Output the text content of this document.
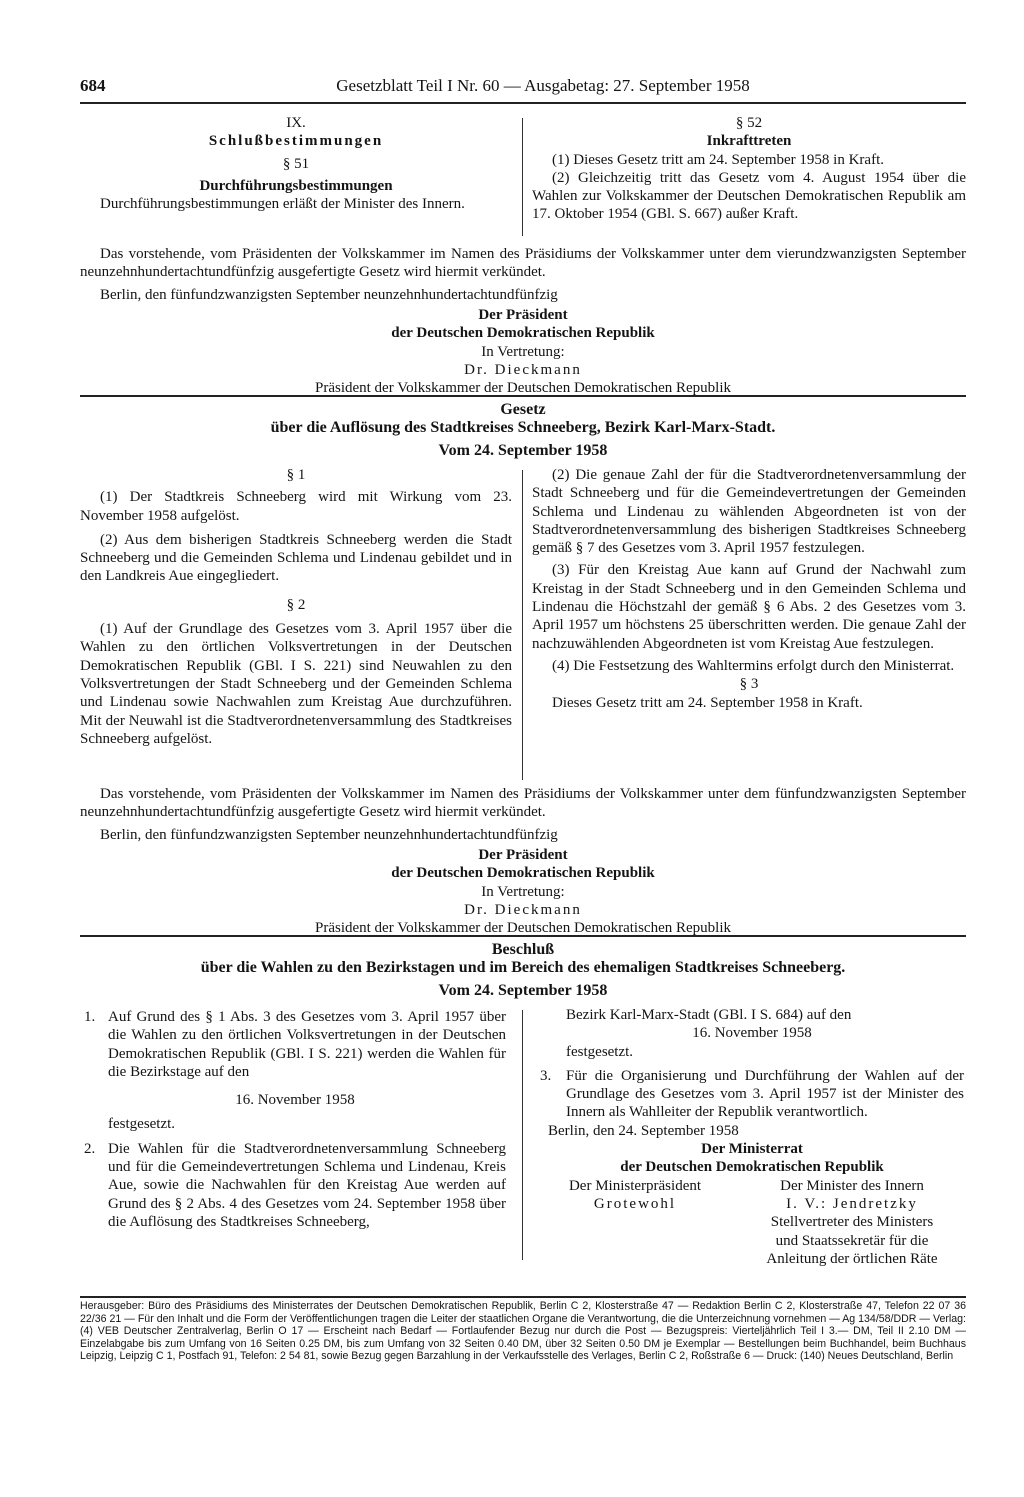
684	Gesetzblatt Teil I Nr. 60 — Ausgabetag: 27. September 1958

IX.

Schlußbestimmungen

§ 51

Durchführungsbestimmungen

Durchführungsbestimmungen erläßt der Minister des Innern.

§ 52

Inkrafttreten

(1) Dieses Gesetz tritt am 24. September 1958 in Kraft.

(2) Gleichzeitig tritt das Gesetz vom 4. August 1954 über die Wahlen zur Volkskammer der Deutschen Demokratischen Republik am 17. Oktober 1954 (GBl. S. 667) außer Kraft.

Das vorstehende, vom Präsidenten der Volkskammer im Namen des Präsidiums der Volkskammer unter dem vierundzwanzigsten September neunzehnhundertachtundfünfzig ausgefertigte Gesetz wird hiermit verkündet.
Berlin, den fünfundzwanzigsten September neunzehnhundertachtundfünfzig

Der Präsident

der Deutschen Demokratischen Republik

In Vertretung:

Dr. Dieckmann

Präsident der Volkskammer der Deutschen Demokratischen Republik

Gesetz

über die Auflösung des Stadtkreises Schneeberg, Bezirk Karl-Marx-Stadt.

Vom 24. September 1958

§ 1

(1) Der Stadtkreis Schneeberg wird mit Wirkung vom 23. November 1958 aufgelöst.

(2) Aus dem bisherigen Stadtkreis Schneeberg werden die Stadt Schneeberg und die Gemeinden Schlema und Lindenau gebildet und in den Landkreis Aue eingegliedert.

§ 2

(1) Auf der Grundlage des Gesetzes vom 3. April 1957 über die Wahlen zu den örtlichen Volksvertretungen in der Deutschen Demokratischen Republik (GBl. I S. 221) sind Neuwahlen zu den Volksvertretungen der Stadt Schneeberg und der Gemeinden Schlema und Lindenau sowie Nachwahlen zum Kreistag Aue durchzuführen. Mit der Neuwahl ist die Stadtverordnetenversammlung des Stadtkreises Schneeberg aufgelöst.

(2) Die genaue Zahl der für die Stadtverordnetenversammlung der Stadt Schneeberg und für die Gemeindevertretungen der Gemeinden Schlema und Lindenau zu wählenden Abgeordneten ist von der Stadtverordnetenversammlung des bisherigen Stadtkreises Schneeberg gemäß § 7 des Gesetzes vom 3. April 1957 festzulegen.

(3) Für den Kreistag Aue kann auf Grund der Nachwahl zum Kreistag in der Stadt Schneeberg und in den Gemeinden Schlema und Lindenau die Höchstzahl der gemäß § 6 Abs. 2 des Gesetzes vom 3. April 1957 um höchstens 25 überschritten werden. Die genaue Zahl der nachzuwählenden Abgeordneten ist vom Kreistag Aue festzulegen.

(4) Die Festsetzung des Wahltermins erfolgt durch den Ministerrat.

§ 3

Dieses Gesetz tritt am 24. September 1958 in Kraft.

Das vorstehende, vom Präsidenten der Volkskammer im Namen des Präsidiums der Volkskammer unter dem fünfundzwanzigsten September neunzehnhundertachtundfünfzig ausgefertigte Gesetz wird hiermit verkündet.
Berlin, den fünfundzwanzigsten September neunzehnhundertachtundfünfzig

Der Präsident

der Deutschen Demokratischen Republik

In Vertretung:

Dr. Dieckmann

Präsident der Volkskammer der Deutschen Demokratischen Republik

Beschluß

über die Wahlen zu den Bezirkstagen und im Bereich des ehemaligen Stadtkreises Schneeberg.

Vom 24. September 1958

1. Auf Grund des § 1 Abs. 3 des Gesetzes vom 3. April 1957 über die Wahlen zu den örtlichen Volksvertretungen in der Deutschen Demokratischen Republik (GBl. I S. 221) werden die Wahlen für die Bezirkstage auf den

16. November 1958

festgesetzt.

2. Die Wahlen für die Stadtverordnetenversammlung Schneeberg und für die Gemeindevertretungen Schlema und Lindenau, Kreis Aue, sowie die Nachwahlen für den Kreistag Aue werden auf Grund des § 2 Abs. 4 des Gesetzes vom 24. September 1958 über die Auflösung des Stadtkreises Schneeberg,

Bezirk Karl-Marx-Stadt (GBl. I S. 684) auf den

16. November 1958

festgesetzt.

3. Für die Organisierung und Durchführung der Wahlen auf der Grundlage des Gesetzes vom 3. April 1957 ist der Minister des Innern als Wahlleiter der Republik verantwortlich.

Berlin, den 24. September 1958

Der Ministerrat

der Deutschen Demokratischen Republik

Der Ministerpräsident

Grotewohl

Der Minister des Innern

I. V.: Jendretzky

Stellvertreter des Ministers

und Staatssekretär für die

Anleitung der örtlichen Räte

Herausgeber: Büro des Präsidiums des Ministerrates der Deutschen Demokratischen Republik, Berlin C 2, Klosterstraße 47 — Redaktion Berlin C 2, Klosterstraße 47, Telefon 22 07 36 22/36 21 — Für den Inhalt und die Form der Veröffentlichungen tragen die Leiter der staatlichen Organe die Verantwortung, die die Unterzeichnung vornehmen — Ag 134/58/DDR — Verlag: (4) VEB Deutscher Zentralverlag, Berlin O 17 — Erscheint nach Bedarf — Fortlaufender Bezug nur durch die Post — Bezugspreis: Vierteljährlich Teil I 3.— DM, Teil II 2.10 DM — Einzelabgabe bis zum Umfang von 16 Seiten 0.25 DM, bis zum Umfang von 32 Seiten 0.40 DM, über 32 Seiten 0.50 DM je Exemplar — Bestellungen beim Buchhandel, beim Buchhaus Leipzig, Leipzig C 1, Postfach 91, Telefon: 2 54 81, sowie Bezug gegen Barzahlung in der Verkaufsstelle des Verlages, Berlin C 2, Roßstraße 6 — Druck: (140) Neues Deutschland, Berlin
